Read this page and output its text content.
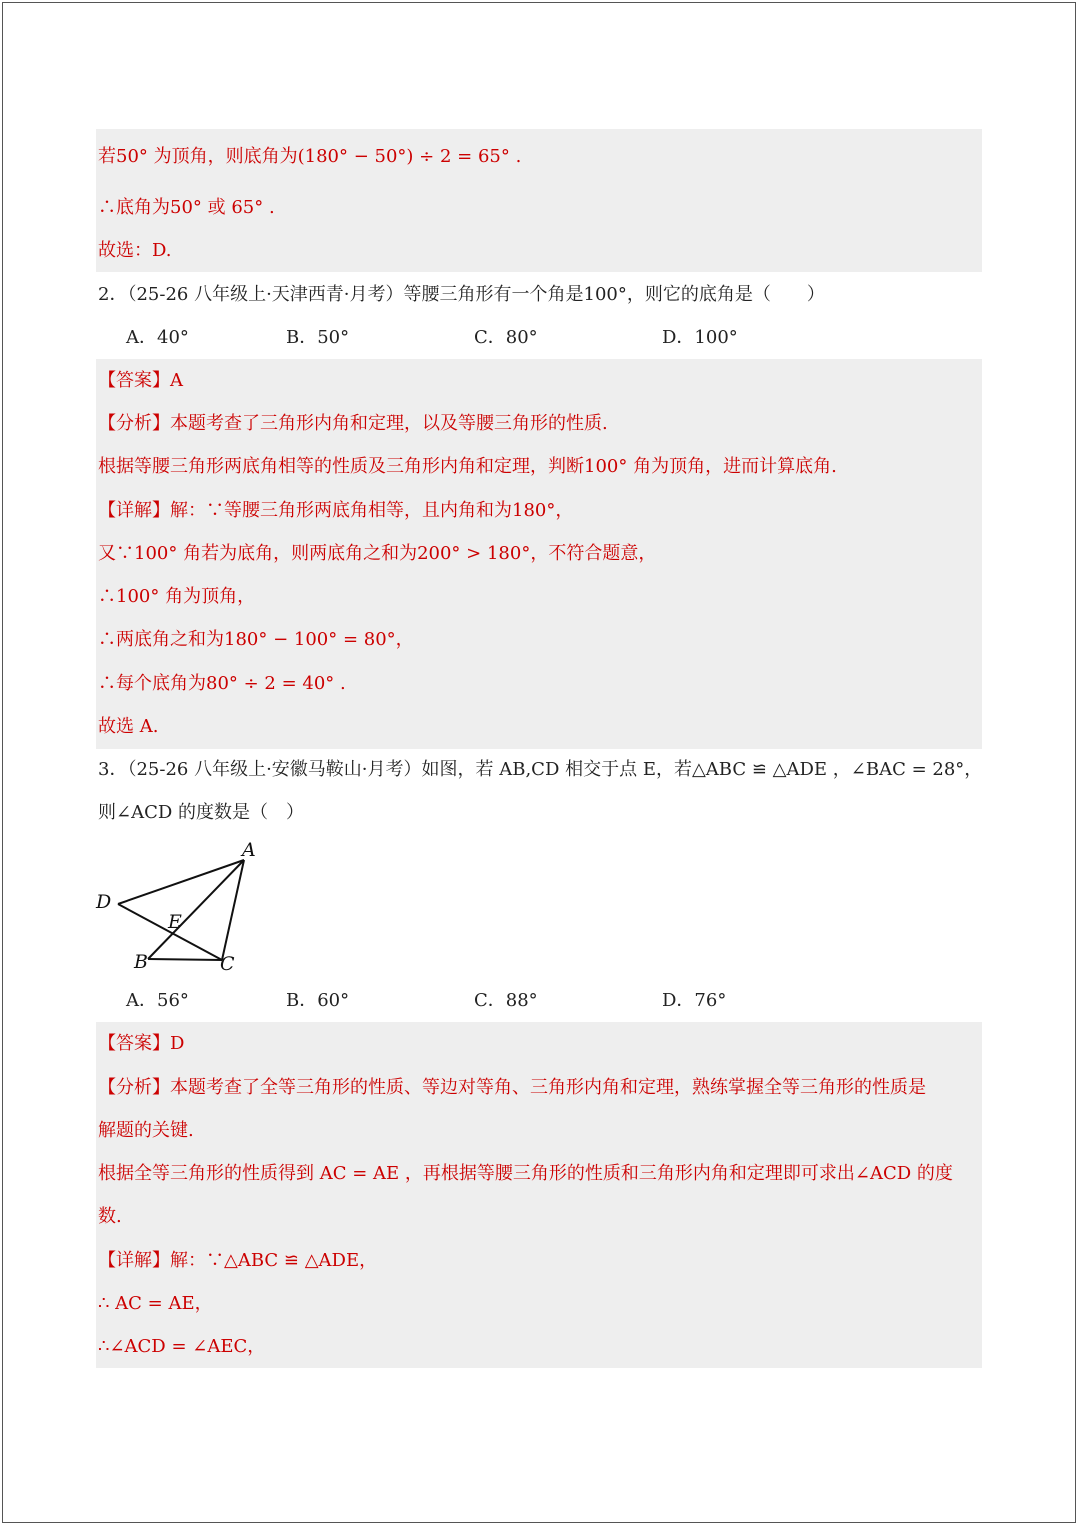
若50° 为顶角，则底角为(180° − 50°) ÷ 2 = 65° .
∴底角为50° 或 65° .
故选：D.
2．（25-26 八年级上·天津西青·月考）等腰三角形有一个角是100°，则它的底角是（　　）
A．40°	B．50°	C．80°	D．100°
【答案】A
【分析】本题考查了三角形内角和定理，以及等腰三角形的性质.
根据等腰三角形两底角相等的性质及三角形内角和定理，判断100° 角为顶角，进而计算底角.
【详解】解：∵等腰三角形两底角相等，且内角和为180°，
又∵100° 角若为底角，则两底角之和为200° > 180°，不符合题意，
∴100° 角为顶角，
∴两底角之和为180° − 100° = 80°，
∴每个底角为80° ÷ 2 = 40° .
故选 A.
3．（25-26 八年级上·安徽马鞍山·月考）如图，若 AB,CD 相交于点 E，若△ABC ≌ △ADE ，∠BAC = 28°，
则∠ACD 的度数是（　）
A
D
E
B	C
A．56°	B．60°	C．88°	D．76°
【答案】D
【分析】本题考查了全等三角形的性质、等边对等角、三角形内角和定理，熟练掌握全等三角形的性质是
解题的关键.
根据全等三角形的性质得到 AC = AE ，再根据等腰三角形的性质和三角形内角和定理即可求出∠ACD 的度
数.
【详解】解：∵△ABC ≌ △ADE，
∴ AC = AE，
∴∠ACD = ∠AEC，
